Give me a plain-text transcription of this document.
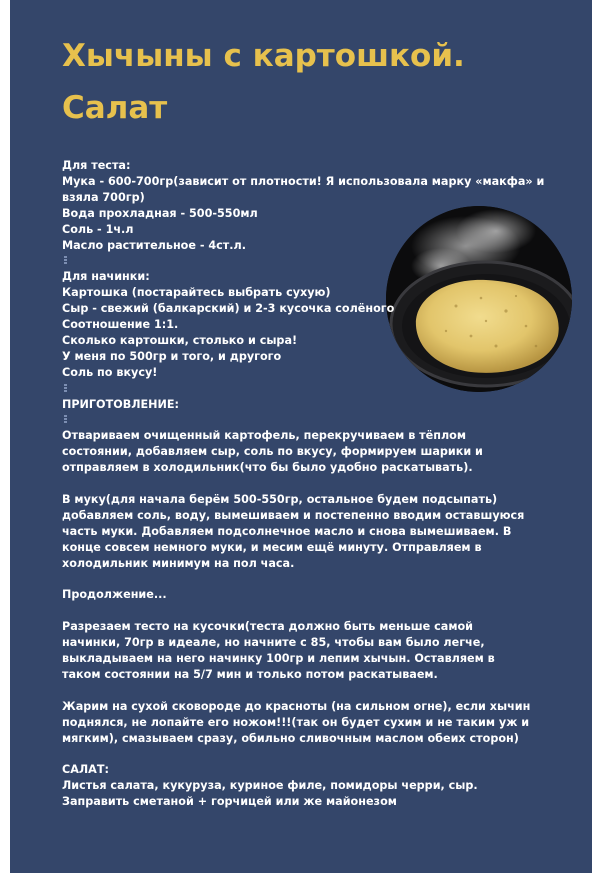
Хычыны с картошкой. Салат
Для теста:
Мука - 600-700гр(зависит от плотности! Я использовала марку «макфа» и
взяла 700гр)
Вода прохладная - 500-550мл
Соль - 1ч.л
Масло растительное - 4ст.л.
Для начинки:
Картошка (постарайтесь выбрать сухую)
Сыр - свежий (балкарский) и 2-3 кусочка солёного
Соотношение 1:1.
Сколько картошки, столько и сыра!
У меня по 500гр и того, и другого
Соль по вкусу!
ПРИГОТОВЛЕНИЕ:
Отвариваем очищенный картофель, перекручиваем в тёплом состоянии, добавляем сыр, соль по вкусу, формируем шарики и отправляем в холодильник(что бы было удобно раскатывать).
В муку(для начала берём 500-550гр, остальное будем подсыпать) добавляем соль, воду, вымешиваем и постепенно вводим оставшуюся часть муки. Добавляем подсолнечное масло и снова вымешиваем. В конце совсем немного муки, и месим ещё минуту. Отправляем в холодильник минимум на пол часа.
Продолжение...
Разрезаем тесто на кусочки(теста должно быть меньше самой начинки, 70гр в идеале, но начните с 85, чтобы вам было легче, выкладываем на него начинку 100гр и лепим хычын. Оставляем в таком состоянии на 5/7 мин и только потом раскатываем.
Жарим на сухой сковороде до красноты (на сильном огне), если хычин поднялся, не лопайте его ножом!!!(так он будет сухим и не таким уж и мягким), смазываем сразу, обильно сливочным маслом обеих сторон)
САЛАТ:
Листья салата, кукуруза, куриное филе, помидоры черри, сыр.
Заправить сметаной + горчицей или же майонезом
